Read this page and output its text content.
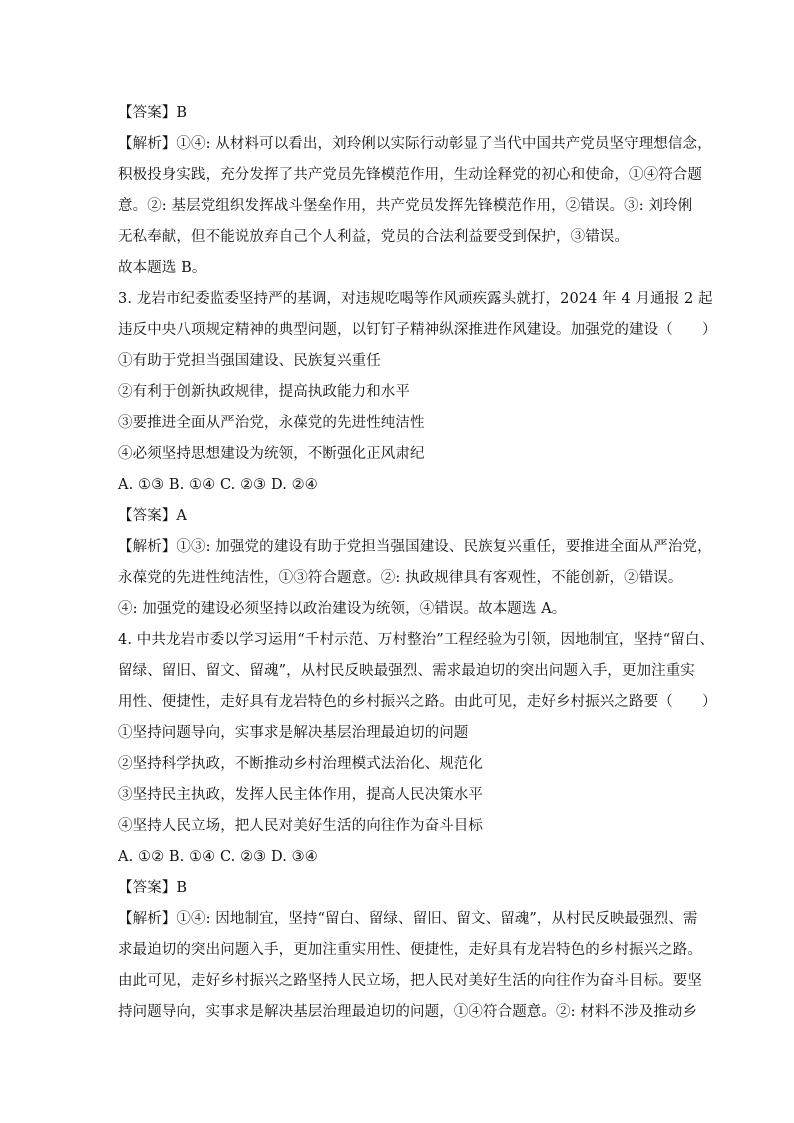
【答案】B
【解析】①④: 从材料可以看出，刘玲俐以实际行动彰显了当代中国共产党员坚守理想信念，
积极投身实践，充分发挥了共产党员先锋模范作用，生动诠释党的初心和使命，①④符合题
意。②: 基层党组织发挥战斗堡垒作用，共产党员发挥先锋模范作用，②错误。③: 刘玲俐
无私奉献，但不能说放弃自己个人利益，党员的合法利益要受到保护，③错误。
故本题选 B。
3. 龙岩市纪委监委坚持严的基调，对违规吃喝等作风顽疾露头就打，2024 年 4 月通报 2 起
违反中央八项规定精神的典型问题，以钉钉子精神纵深推进作风建设。加强党的建设（　　）
①有助于党担当强国建设、民族复兴重任
②有利于创新执政规律，提高执政能力和水平
③要推进全面从严治党，永葆党的先进性纯洁性
④必须坚持思想建设为统领，不断强化正风肃纪
A. ①③ B. ①④ C. ②③ D. ②④
【答案】A
【解析】①③: 加强党的建设有助于党担当强国建设、民族复兴重任，要推进全面从严治党，
永葆党的先进性纯洁性，①③符合题意。②: 执政规律具有客观性，不能创新，②错误。
④: 加强党的建设必须坚持以政治建设为统领，④错误。故本题选 A。
4. 中共龙岩市委以学习运用“千村示范、万村整治”工程经验为引领，因地制宜，坚持“留白、
留绿、留旧、留文、留魂”，从村民反映最强烈、需求最迫切的突出问题入手，更加注重实
用性、便捷性，走好具有龙岩特色的乡村振兴之路。由此可见，走好乡村振兴之路要（　　）
①坚持问题导向，实事求是解决基层治理最迫切的问题
②坚持科学执政，不断推动乡村治理模式法治化、规范化
③坚持民主执政，发挥人民主体作用，提高人民决策水平
④坚持人民立场，把人民对美好生活的向往作为奋斗目标
A. ①② B. ①④ C. ②③ D. ③④
【答案】B
【解析】①④: 因地制宜，坚持“留白、留绿、留旧、留文、留魂”，从村民反映最强烈、需
求最迫切的突出问题入手，更加注重实用性、便捷性，走好具有龙岩特色的乡村振兴之路。
由此可见，走好乡村振兴之路坚持人民立场，把人民对美好生活的向往作为奋斗目标。要坚
持问题导向，实事求是解决基层治理最迫切的问题，①④符合题意。②: 材料不涉及推动乡
